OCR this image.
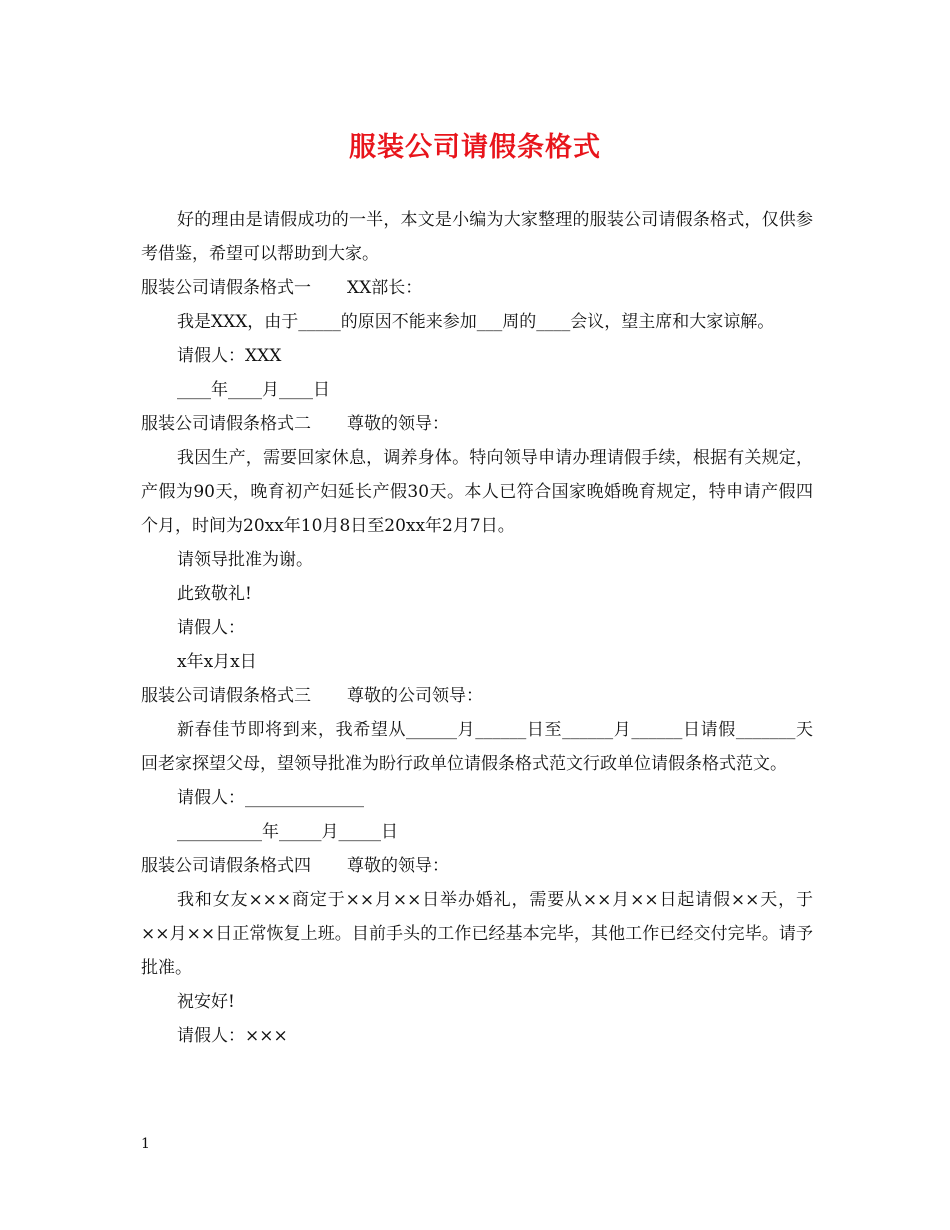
服装公司请假条格式

好的理由是请假成功的一半，本文是小编为大家整理的服装公司请假条格式，仅供参考借鉴，希望可以帮助到大家。

服装公司请假条格式一 XX部长：

我是XXX，由于_____的原因不能来参加___周的____会议，望主席和大家谅解。

请假人：XXX

____年____月____日

服装公司请假条格式二 尊敬的领导：

我因生产，需要回家休息，调养身体。特向领导申请办理请假手续，根据有关规定，产假为90天，晚育初产妇延长产假30天。本人已符合国家晚婚晚育规定，特申请产假四个月，时间为20xx年10月8日至20xx年2月7日。

请领导批准为谢。

此致敬礼!

请假人：

x年x月x日

服装公司请假条格式三 尊敬的公司领导：

新春佳节即将到来，我希望从______月______日至______月______日请假_______天回老家探望父母，望领导批准为盼行政单位请假条格式范文行政单位请假条格式范文。

请假人：______________

__________年_____月_____日

服装公司请假条格式四 尊敬的领导：

我和女友×××商定于××月××日举办婚礼，需要从××月××日起请假××天，于××月××日正常恢复上班。目前手头的工作已经基本完毕，其他工作已经交付完毕。请予批准。

祝安好!

请假人：×××

1
